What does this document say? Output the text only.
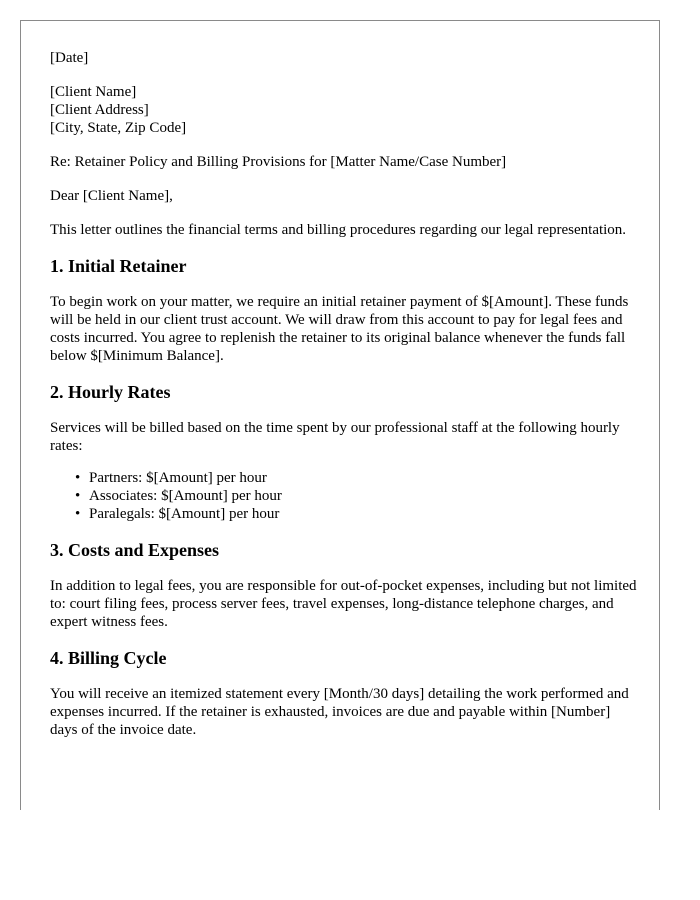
[Date]
[Client Name]
[Client Address]
[City, State, Zip Code]

Re: Retainer Policy and Billing Provisions for [Matter Name/Case Number]

Dear [Client Name],

This letter outlines the financial terms and billing procedures regarding our legal representation.

1. Initial Retainer

To begin work on your matter, we require an initial retainer payment of $[Amount]. These funds will be held in our client trust account. We will draw from this account to pay for legal fees and costs incurred. You agree to replenish the retainer to its original balance whenever the funds fall below $[Minimum Balance].

2. Hourly Rates

Services will be billed based on the time spent by our professional staff at the following hourly rates:

• Partners: $[Amount] per hour
• Associates: $[Amount] per hour
• Paralegals: $[Amount] per hour
3. Costs and Expenses

In addition to legal fees, you are responsible for out-of-pocket expenses, including but not limited to: court filing fees, process server fees, travel expenses, long-distance telephone charges, and expert witness fees.

4. Billing Cycle

You will receive an itemized statement every [Month/30 days] detailing the work performed and expenses incurred. If the retainer is exhausted, invoices are due and payable within [Number] days of the invoice date.
